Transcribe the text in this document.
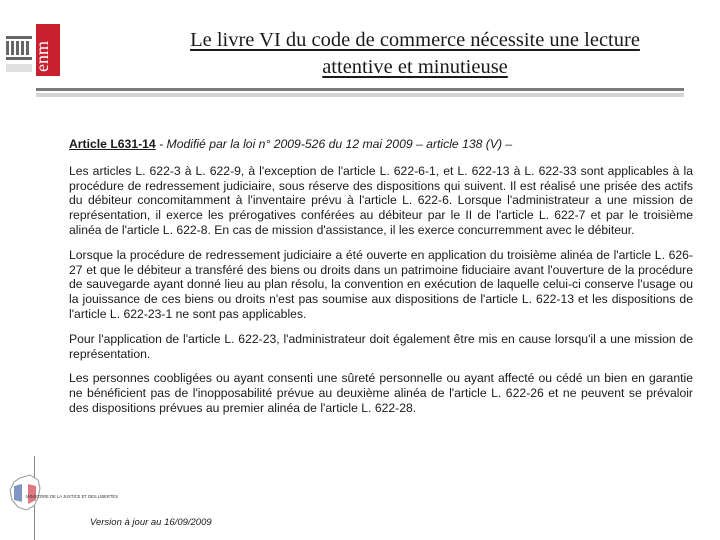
enm
Le livre VI du code de commerce nécessite une lecture
attentive et minutieuse
Article L631-14 - Modifié par la loi n° 2009-526 du 12 mai 2009 – article 138 (V) –

Les articles L. 622-3 à L. 622-9, à l'exception de l'article L. 622-6-1, et L. 622-13 à L. 622-33 sont applicables à la procédure de redressement judiciaire, sous réserve des dispositions qui suivent. Il est réalisé une prisée des actifs du débiteur concomitamment à l'inventaire prévu à l'article L. 622-6. Lorsque l'administrateur a une mission de représentation, il exerce les prérogatives conférées au débiteur par le II de l'article L. 622-7 et par le troisième alinéa de l'article L. 622-8. En cas de mission d'assistance, il les exerce concurremment avec le débiteur.

Lorsque la procédure de redressement judiciaire a été ouverte en application du troisième alinéa de l'article L. 626-27 et que le débiteur a transféré des biens ou droits dans un patrimoine fiduciaire avant l'ouverture de la procédure de sauvegarde ayant donné lieu au plan résolu, la convention en exécution de laquelle celui-ci conserve l'usage ou la jouissance de ces biens ou droits n'est pas soumise aux dispositions de l'article L. 622-13 et les dispositions de l'article L. 622-23-1 ne sont pas applicables.

Pour l'application de l'article L. 622-23, l'administrateur doit également être mis en cause lorsqu'il a une mission de représentation.

Les personnes coobligées ou ayant consenti une sûreté personnelle ou ayant affecté ou cédé un bien en garantie ne bénéficient pas de l'inopposabilité prévue au deuxième alinéa de l'article L. 622-26 et ne peuvent se prévaloir des dispositions prévues au premier alinéa de l'article L. 622-28.

MINISTÈRE DE LA JUSTICE ET DES LIBERTÉS
Version à jour au 16/09/2009
